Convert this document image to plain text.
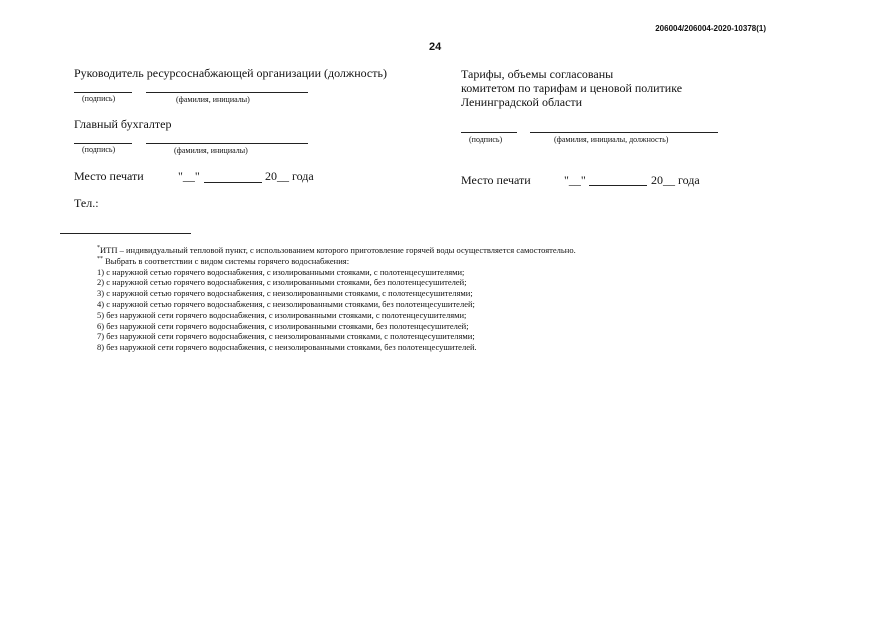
206004/206004-2020-10378(1)
24
Руководитель ресурсоснабжающей организации (должность)
(подпись)	(фамилия, инициалы)
Главный бухгалтер
(подпись)	(фамилия, инициалы)
Место печати	"__"	20__ года
Тел.:
Тарифы, объемы согласованы
комитетом по тарифам и ценовой политике
Ленинградской области
(подпись)	(фамилия, инициалы, должность)
Место печати	"__"	20__ года
*ИТП – индивидуальный тепловой пункт, с использованием которого приготовление горячей воды осуществляется самостоятельно.
** Выбрать в соответствии с видом системы горячего водоснабжения:
1) с наружной сетью горячего водоснабжения, с изолированными стояками, с полотенцесушителями;
2) с наружной сетью горячего водоснабжения, с изолированными стояками, без полотенцесушителей;
3) с наружной сетью горячего водоснабжения, с неизолированными стояками, с полотенцесушителями;
4) с наружной сетью горячего водоснабжения, с неизолированными стояками, без полотенцесушителей;
5) без наружной сети горячего водоснабжения, с изолированными стояками, с полотенцесушителями;
6) без наружной сети горячего водоснабжения, с изолированными стояками, без полотенцесушителей;
7) без наружной сети горячего водоснабжения, с неизолированными стояками, с полотенцесушителями;
8) без наружной сети горячего водоснабжения, с неизолированными стояками, без полотенцесушителей.
